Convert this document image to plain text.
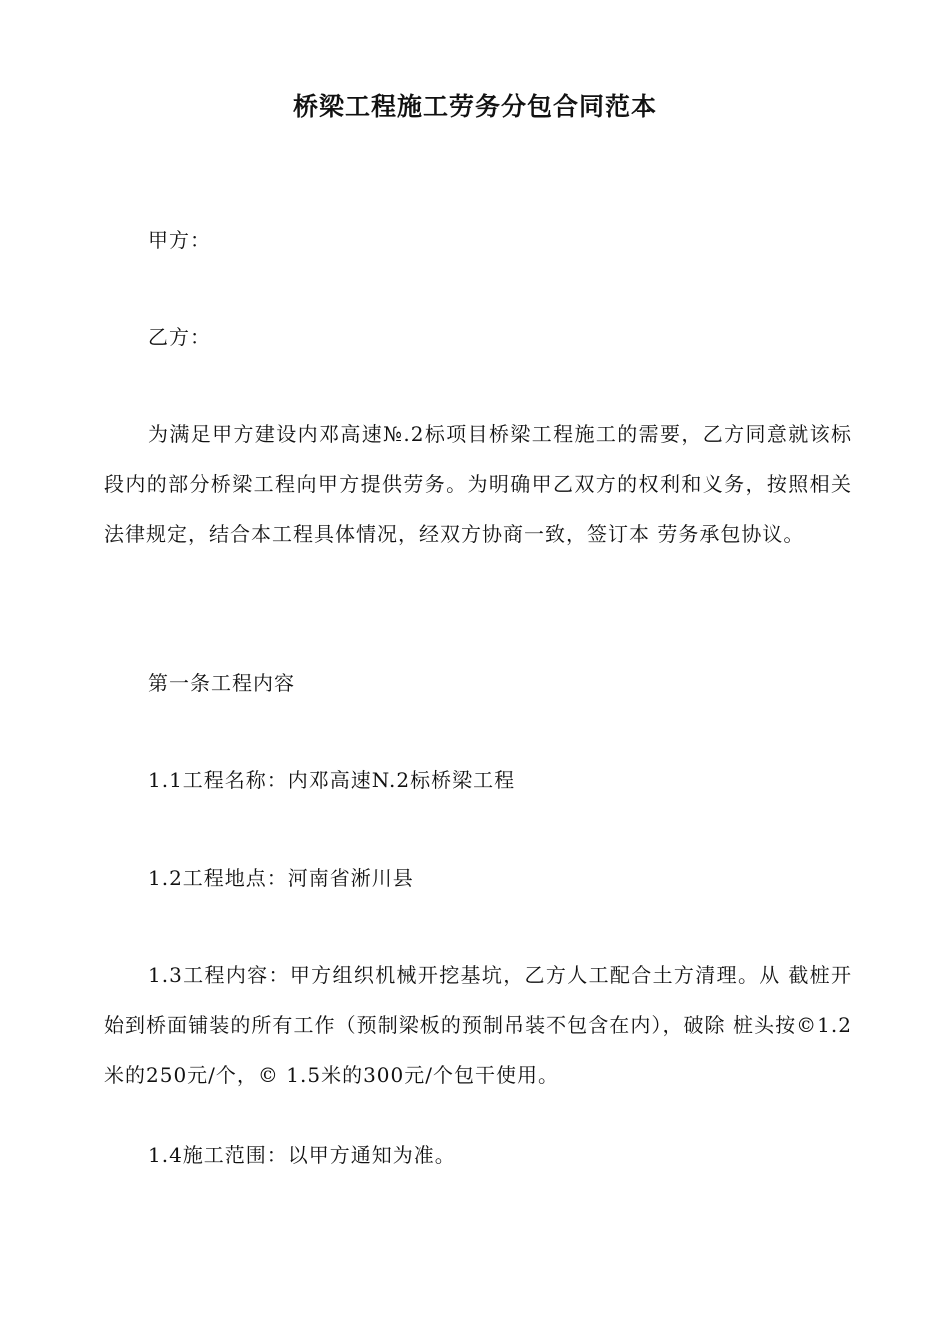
桥梁工程施工劳务分包合同范本

甲方：

乙方：

为满足甲方建设内邓高速№.2标项目桥梁工程施工的需要，乙方同意就该标段内的部分桥梁工程向甲方提供劳务。为明确甲乙双方的权利和义务，按照相关法律规定，结合本工程具体情况，经双方协商一致，签订本 劳务承包协议。

第一条工程内容

1.1工程名称：内邓高速N.2标桥梁工程

1.2工程地点：河南省淅川县

1.3工程内容：甲方组织机械开挖基坑，乙方人工配合土方清理。从 截桩开始到桥面铺装的所有工作（预制梁板的预制吊装不包含在内），破除 桩头按©1.2米的250元/个，© 1.5米的300元/个包干使用。

1.4施工范围：以甲方通知为准。
